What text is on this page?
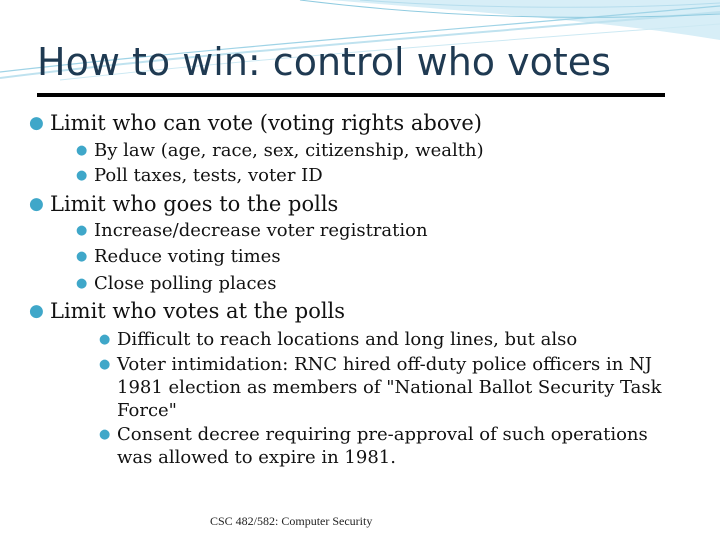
How to win: control who votes

● Limit who can vote (voting rights above)

● By law (age, race, sex, citizenship, wealth)

● Poll taxes, tests, voter ID

● Limit who goes to the polls

● Increase/decrease voter registration

● Reduce voting times

● Close polling places

● Limit who votes at the polls

● Difficult to reach locations and long lines, but also

● Voter intimidation: RNC hired off-duty police officers in NJ 1981 election as members of "National Ballot Security Task Force"

● Consent decree requiring pre-approval of such operations was allowed to expire in 1981.

CSC 482/582: Computer Security
